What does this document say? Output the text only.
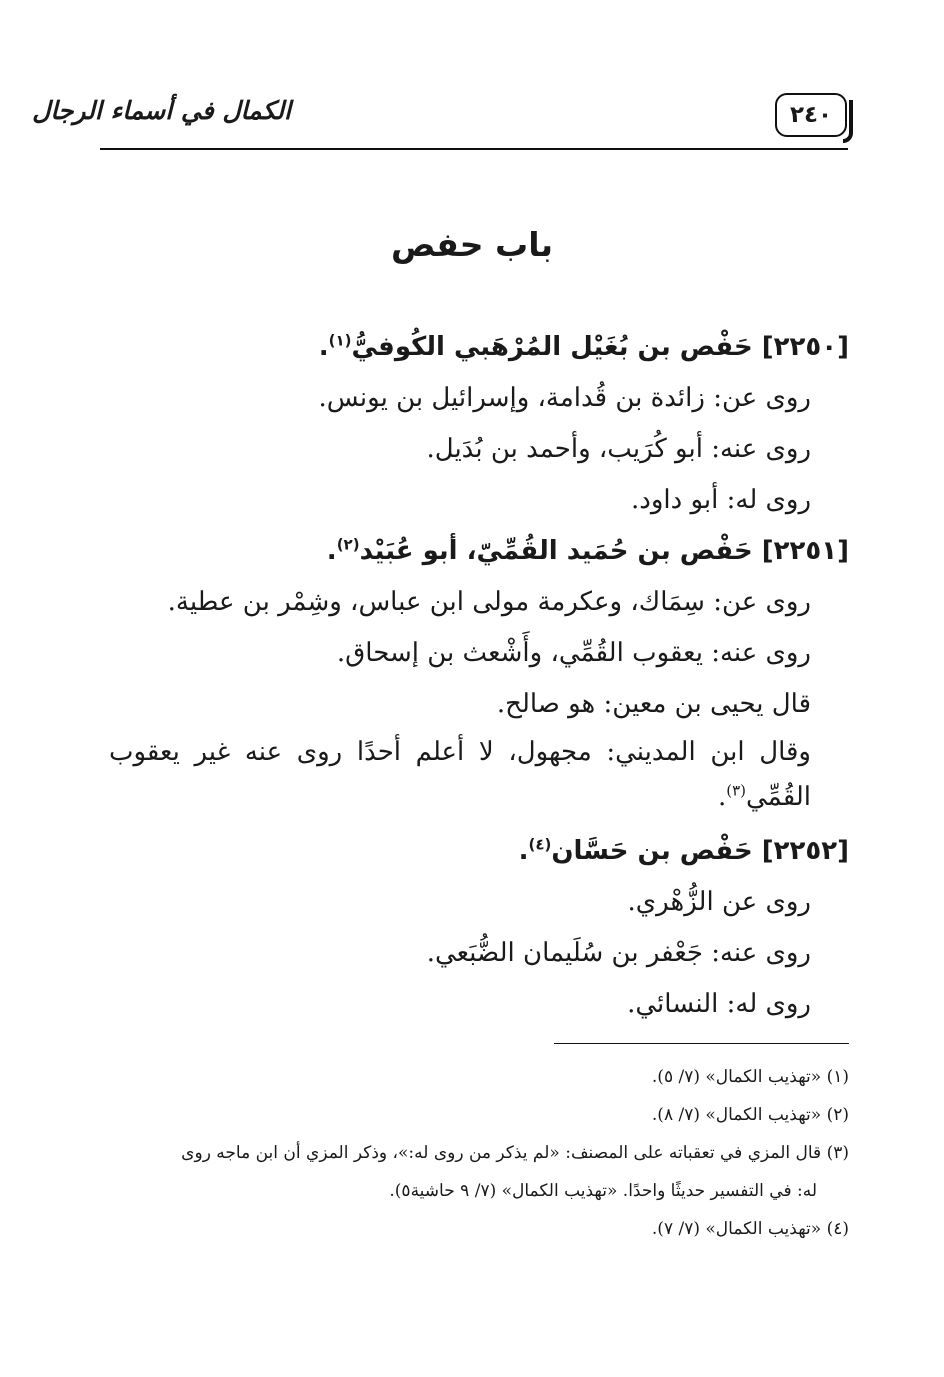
٢٤٠
الكمال في أسماء الرجال
باب حفص
[٢٢٥٠] حَفْص بن بُغَيْل المُرْهَبي الكُوفيُّ$^{(١)}$.
روى عن: زائدة بن قُدامة، وإسرائيل بن يونس.
روى عنه: أبو كُرَيب، وأحمد بن بُدَيل.
روى له: أبو داود.
[٢٢٥١] حَفْص بن حُمَيد القُمِّيّ، أبو عُبَيْد$^{(٢)}$.
روى عن: سِمَاك، وعكرمة مولى ابن عباس، وشِمْر بن عطية.
روى عنه: يعقوب القُمِّي، وأَشْعث بن إسحاق.
قال يحيى بن معين: هو صالح.
وقال ابن المديني: مجهول، لا أعلم أحدًا روى عنه غير يعقوب القُمِّي$^{(٣)}$.
[٢٢٥٢] حَفْص بن حَسَّان$^{(٤)}$.
روى عن الزُّهْري.
روى عنه: جَعْفر بن سُلَيمان الضُّبَعي.
روى له: النسائي.
(١) «تهذيب الكمال» (٧/ ٥).
(٢) «تهذيب الكمال» (٧/ ٨).
(٣) قال المزي في تعقباته على المصنف: «لم يذكر من روى له:»، وذكر المزي أن ابن ماجه روى
له: في التفسير حديثًا واحدًا. «تهذيب الكمال» (٧/ ٩ حاشية٥).
(٤) «تهذيب الكمال» (٧/ ٧).
